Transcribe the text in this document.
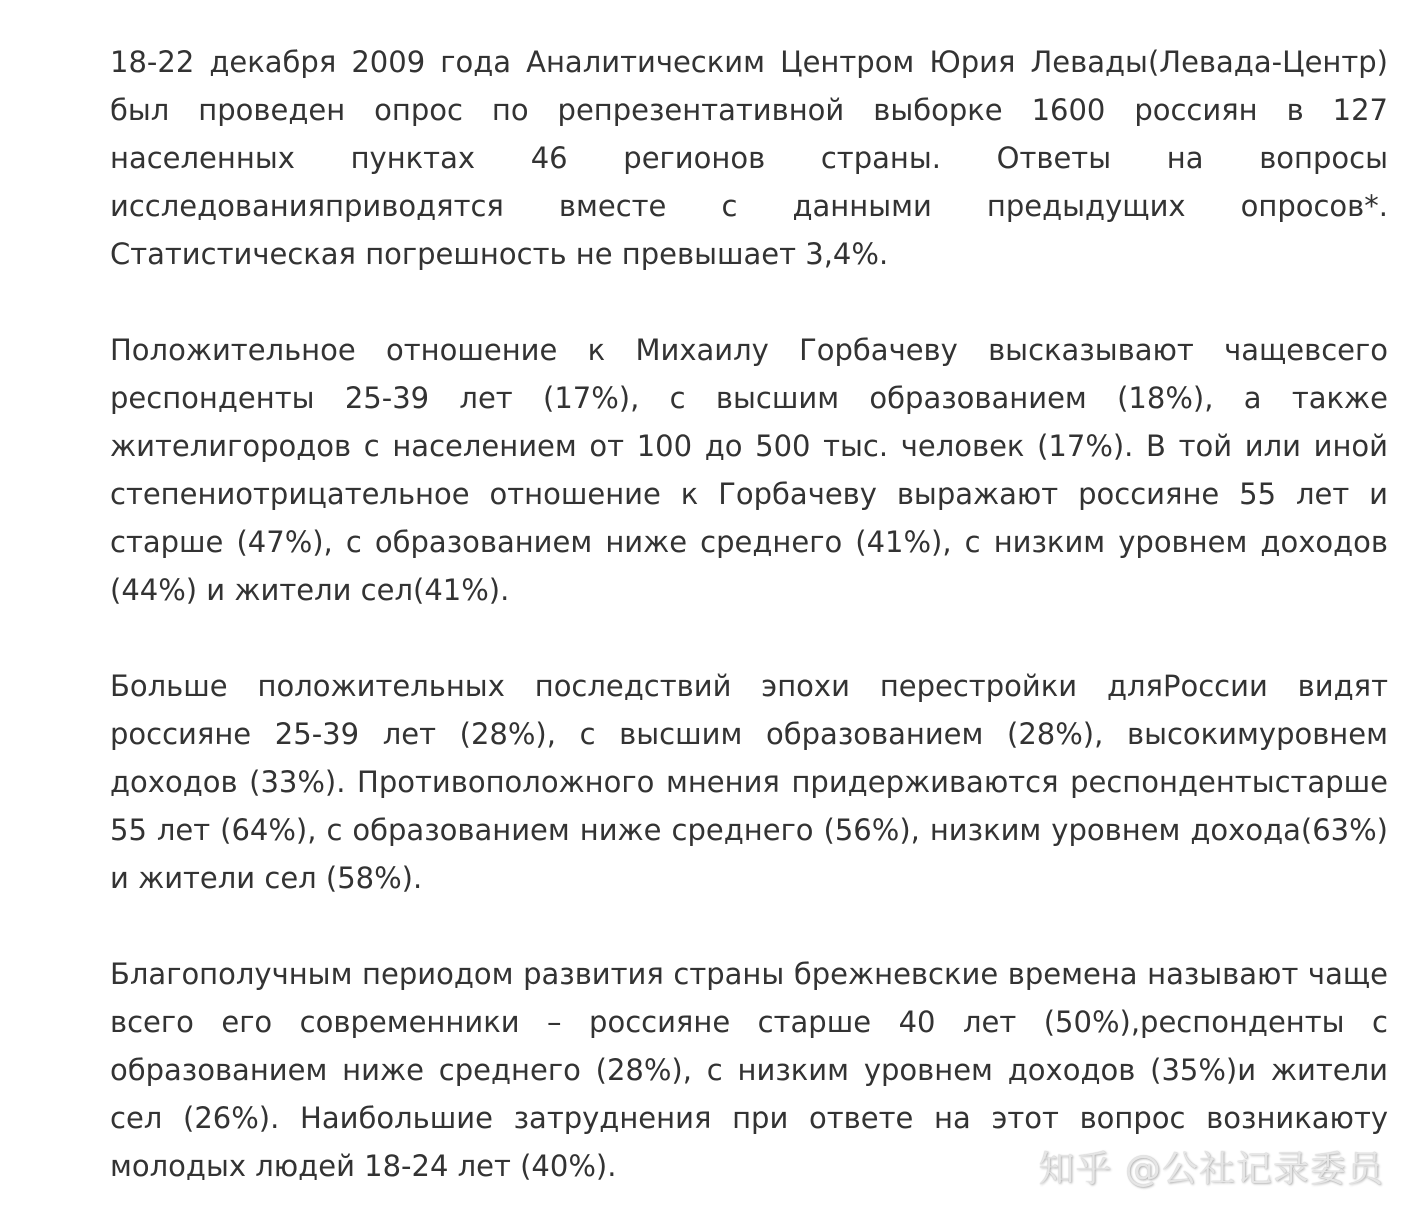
18-22 декабря 2009 года Аналитическим Центром Юрия Левады(Левада-Центр) был проведен опрос по репрезентативной выборке 1600 россиян в 127 населенных пунктах 46 регионов страны. Ответы на вопросы исследованияприводятся вместе с данными предыдущих опросов*. Статистическая погрешность не превышает 3,4%.

Положительное отношение к Михаилу Горбачеву высказывают чащевсего респонденты 25-39 лет (17%), с высшим образованием (18%), а также жителигородов с населением от 100 до 500 тыс. человек (17%). В той или иной степениотрицательное отношение к Горбачеву выражают россияне 55 лет и старше (47%), с образованием ниже среднего (41%), с низким уровнем доходов (44%) и жители сел(41%).

Больше положительных последствий эпохи перестройки дляРоссии видят россияне 25-39 лет (28%), с высшим образованием (28%), высокимуровнем доходов (33%). Противоположного мнения придерживаются респондентыстарше 55 лет (64%), с образованием ниже среднего (56%), низким уровнем дохода(63%) и жители сел (58%).

Благополучным периодом развития страны брежневские времена называют чаще всего его современники – россияне старше 40 лет (50%),респонденты с образованием ниже среднего (28%), с низким уровнем доходов (35%)и жители сел (26%). Наибольшие затруднения при ответе на этот вопрос возникаюту молодых людей 18-24 лет (40%).	知乎 @公社记录委员
